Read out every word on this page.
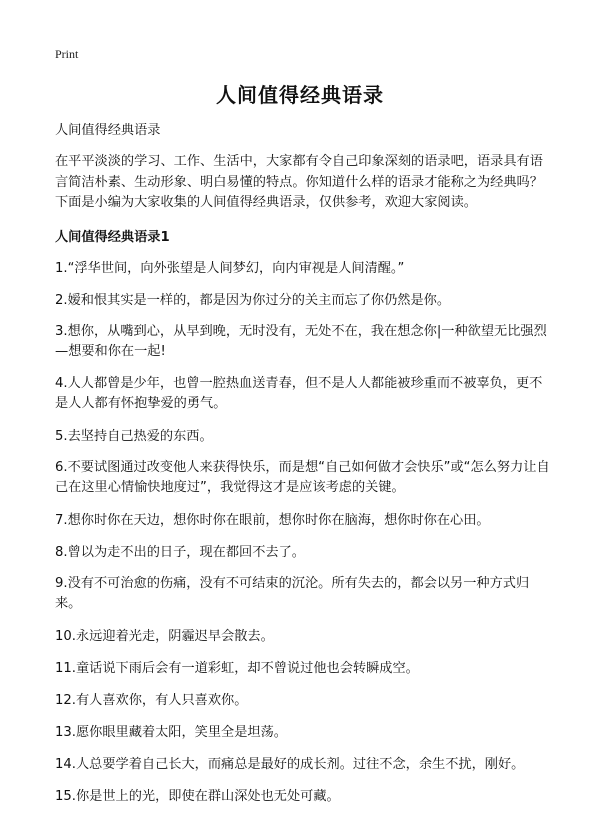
Print
人间值得经典语录

人间值得经典语录

在平平淡淡的学习、工作、生活中，大家都有令自己印象深刻的语录吧，语录具有语言简洁朴素、生动形象、明白易懂的特点。你知道什么样的语录才能称之为经典吗？下面是小编为大家收集的人间值得经典语录，仅供参考，欢迎大家阅读。

人间值得经典语录1

1.“浮华世间，向外张望是人间梦幻，向内审视是人间清醒。”

2.嫒和恨其实是一样的，都是因为你过分的关主而忘了你仍然是你。

3.想你，从嘴到心，从早到晚，无时没有，无处不在，我在想念你|一种欲望无比强烈—想要和你在一起!

4.人人都曾是少年，也曾一腔热血送青春，但不是人人都能被珍重而不被辜负，更不是人人都有怀抱挚爱的勇气。

5.去坚持自己热爱的东西。

6.不要试图通过改变他人来获得快乐，而是想“自己如何做才会快乐”或“怎么努力让自己在这里心情愉快地度过”，我觉得这才是应该考虑的关键。

7.想你时你在天边，想你时你在眼前，想你时你在脑海，想你时你在心田。

8.曾以为走不出的日子，现在都回不去了。

9.没有不可治愈的伤痛，没有不可结束的沉沦。所有失去的，都会以另一种方式归来。

10.永远迎着光走，阴霾迟早会散去。

11.童话说下雨后会有一道彩虹，却不曾说过他也会转瞬成空。

12.有人喜欢你，有人只喜欢你。

13.愿你眼里藏着太阳，笑里全是坦荡。

14.人总要学着自己长大，而痛总是最好的成长剂。过往不念，余生不扰，刚好。

15.你是世上的光，即使在群山深处也无处可藏。
